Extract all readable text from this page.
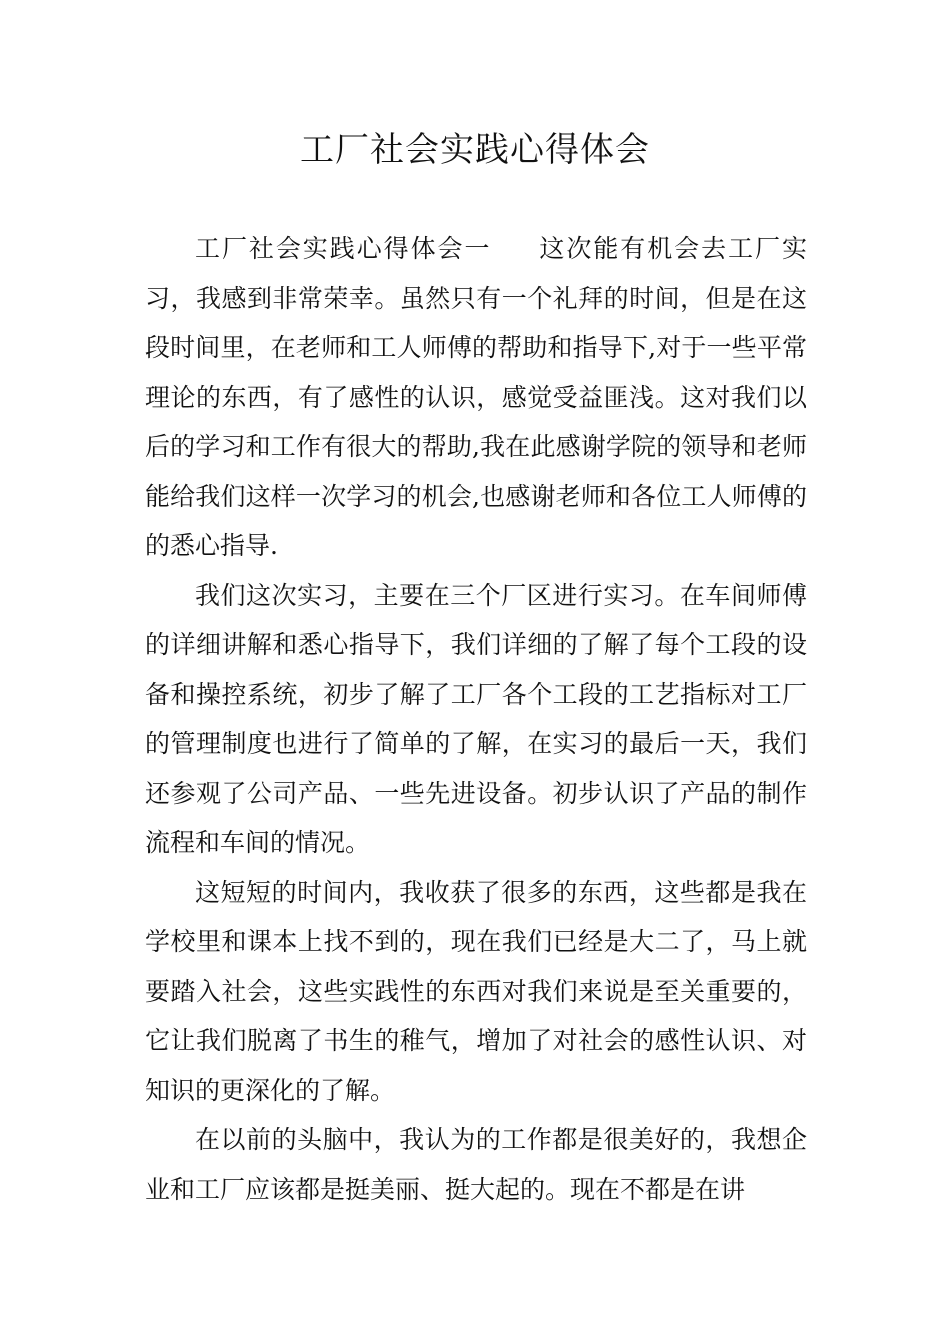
工厂社会实践心得体会

工厂社会实践心得体会一 这次能有机会去工厂实习，我感到非常荣幸。虽然只有一个礼拜的时间，但是在这段时间里，在老师和工人师傅的帮助和指导下,对于一些平常理论的东西，有了感性的认识，感觉受益匪浅。这对我们以后的学习和工作有很大的帮助,我在此感谢学院的领导和老师能给我们这样一次学习的机会,也感谢老师和各位工人师傅的的悉心指导.

我们这次实习，主要在三个厂区进行实习。在车间师傅的详细讲解和悉心指导下，我们详细的了解了每个工段的设备和操控系统，初步了解了工厂各个工段的工艺指标对工厂的管理制度也进行了简单的了解，在实习的最后一天，我们还参观了公司产品、一些先进设备。初步认识了产品的制作流程和车间的情况。

这短短的时间内，我收获了很多的东西，这些都是我在学校里和课本上找不到的，现在我们已经是大二了，马上就要踏入社会，这些实践性的东西对我们来说是至关重要的，它让我们脱离了书生的稚气，增加了对社会的感性认识、对知识的更深化的了解。

在以前的头脑中，我认为的工作都是很美好的，我想企业和工厂应该都是挺美丽、挺大起的。现在不都是在讲
